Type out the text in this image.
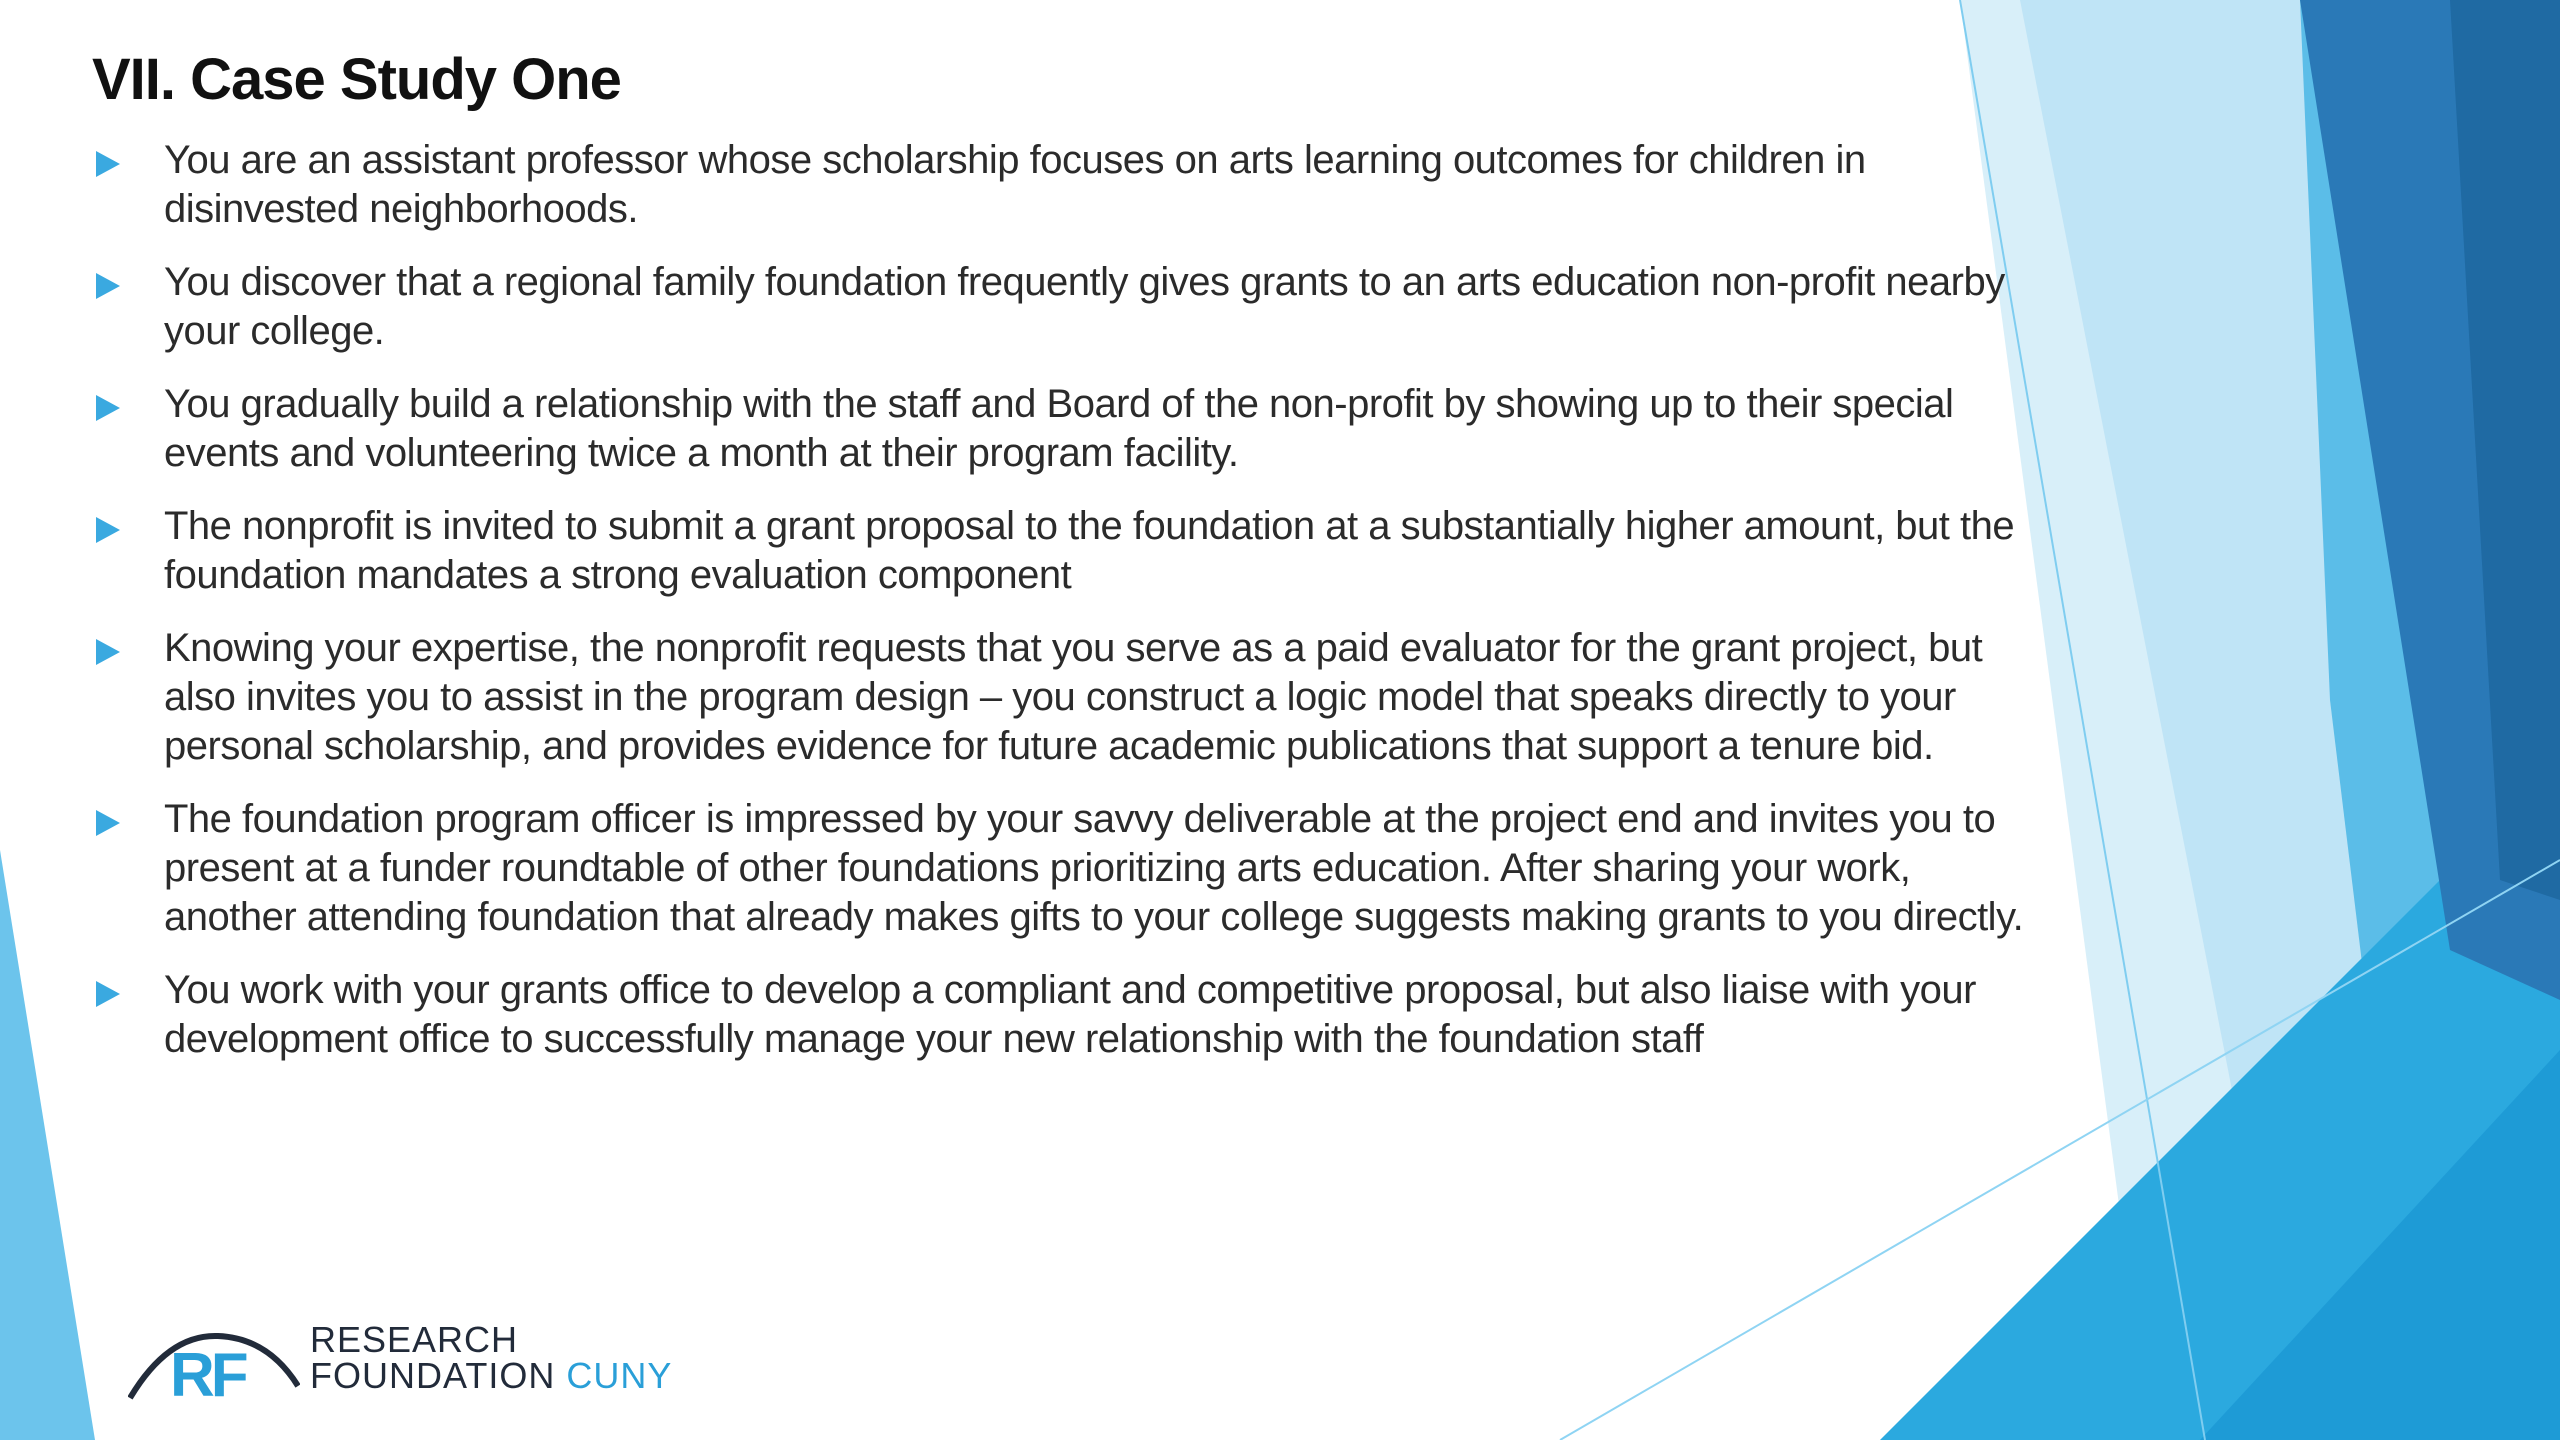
VII. Case Study One
You are an assistant professor whose scholarship focuses on arts learning outcomes for children in disinvested neighborhoods.
You discover that a regional family foundation frequently gives grants to an arts education non-profit nearby your college.
You gradually build a relationship with the staff and Board of the non-profit by showing up to their special events and volunteering twice a month at their program facility.
The nonprofit is invited to submit a grant proposal to the foundation at a substantially higher amount, but the foundation mandates a strong evaluation component
Knowing your expertise, the nonprofit requests that you serve as a paid evaluator for the grant project, but also invites you to assist in the program design – you construct a logic model that speaks directly to your personal scholarship, and provides evidence for future academic publications that support a tenure bid.
The foundation program officer is impressed by your savvy deliverable at the project end and invites you to present at a funder roundtable of other foundations prioritizing arts education. After sharing your work, another attending foundation that already makes gifts to your college suggests making grants to you directly.
You work with your grants office to develop a compliant and competitive proposal, but also liaise with your development office to successfully manage your new relationship with the foundation staff
RF
RESEARCH
FOUNDATION CUNY
